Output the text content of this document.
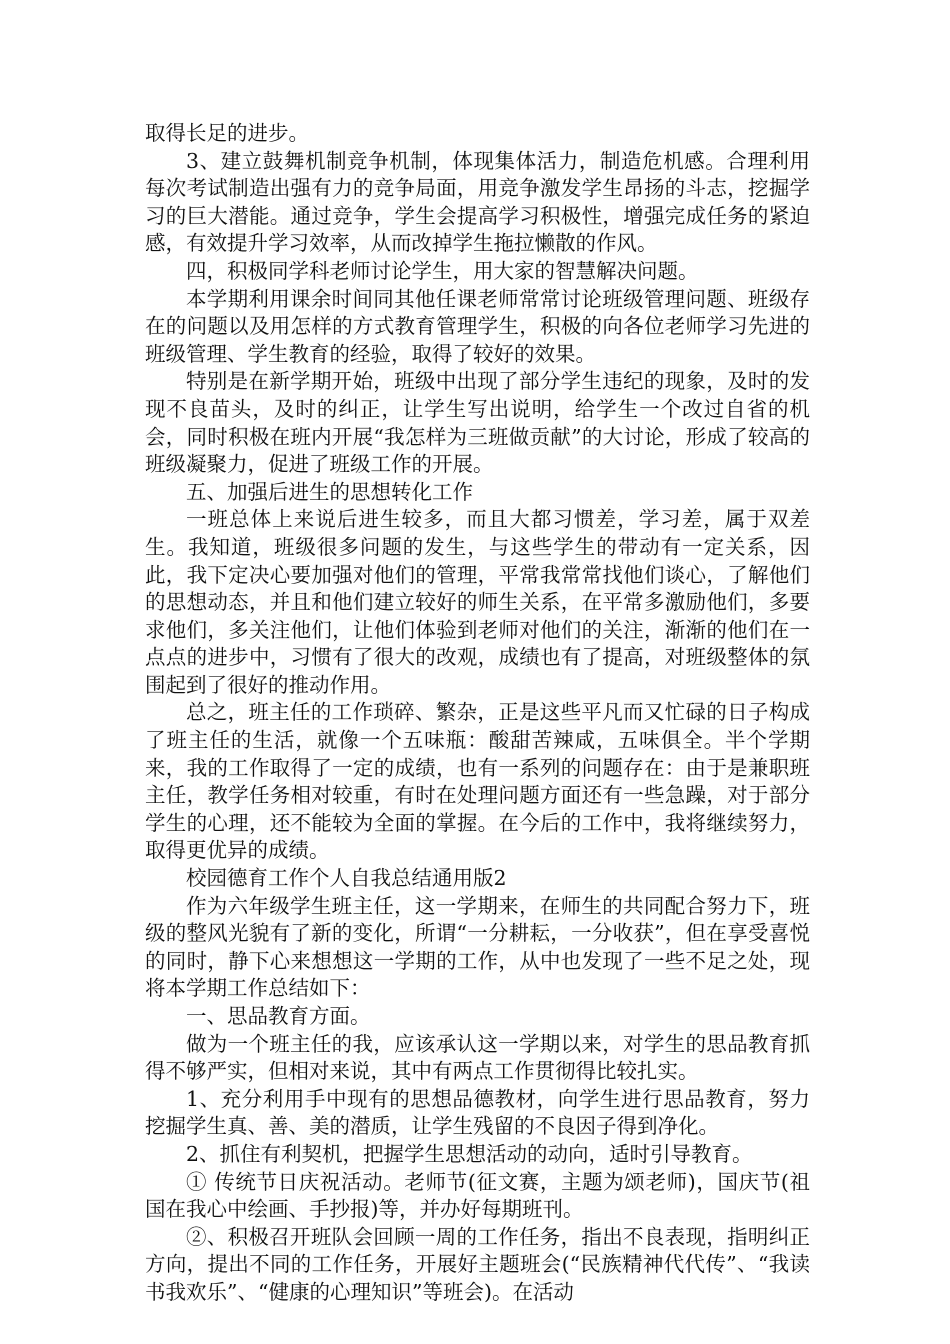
取得长足的进步。

3、建立鼓舞机制竞争机制，体现集体活力，制造危机感。合理利用每次考试制造出强有力的竞争局面，用竞争激发学生昂扬的斗志，挖掘学习的巨大潜能。通过竞争，学生会提高学习积极性，增强完成任务的紧迫感，有效提升学习效率，从而改掉学生拖拉懒散的作风。

四，积极同学科老师讨论学生，用大家的智慧解决问题。

本学期利用课余时间同其他任课老师常常讨论班级管理问题、班级存在的问题以及用怎样的方式教育管理学生，积极的向各位老师学习先进的班级管理、学生教育的经验，取得了较好的效果。

特别是在新学期开始，班级中出现了部分学生违纪的现象，及时的发现不良苗头，及时的纠正，让学生写出说明，给学生一个改过自省的机会，同时积极在班内开展“我怎样为三班做贡献”的大讨论，形成了较高的班级凝聚力，促进了班级工作的开展。

五、加强后进生的思想转化工作

一班总体上来说后进生较多，而且大都习惯差，学习差，属于双差生。我知道，班级很多问题的发生，与这些学生的带动有一定关系，因此，我下定决心要加强对他们的管理，平常我常常找他们谈心，了解他们的思想动态，并且和他们建立较好的师生关系，在平常多激励他们，多要求他们，多关注他们，让他们体验到老师对他们的关注，渐渐的他们在一点点的进步中，习惯有了很大的改观，成绩也有了提高，对班级整体的氛围起到了很好的推动作用。

总之，班主任的工作琐碎、繁杂，正是这些平凡而又忙碌的日子构成了班主任的生活，就像一个五味瓶：酸甜苦辣咸，五味俱全。半个学期来，我的工作取得了一定的成绩，也有一系列的问题存在：由于是兼职班主任，教学任务相对较重，有时在处理问题方面还有一些急躁，对于部分学生的心理，还不能较为全面的掌握。在今后的工作中，我将继续努力，取得更优异的成绩。

校园德育工作个人自我总结通用版2

作为六年级学生班主任，这一学期来，在师生的共同配合努力下，班级的整风光貌有了新的变化，所谓“一分耕耘，一分收获”，但在享受喜悦的同时，静下心来想想这一学期的工作，从中也发现了一些不足之处，现将本学期工作总结如下：

一、思品教育方面。

做为一个班主任的我，应该承认这一学期以来，对学生的思品教育抓得不够严实，但相对来说，其中有两点工作贯彻得比较扎实。

1、充分利用手中现有的思想品德教材，向学生进行思品教育，努力挖掘学生真、善、美的潜质，让学生残留的不良因子得到净化。

2、抓住有利契机，把握学生思想活动的动向，适时引导教育。

① 传统节日庆祝活动。老师节(征文赛，主题为颂老师)，国庆节(祖国在我心中绘画、手抄报)等，并办好每期班刊。

②、积极召开班队会回顾一周的工作任务，指出不良表现，指明纠正方向，提出不同的工作任务，开展好主题班会(“民族精神代代传”、“我读书我欢乐”、“健康的心理知识”等班会)。在活动
